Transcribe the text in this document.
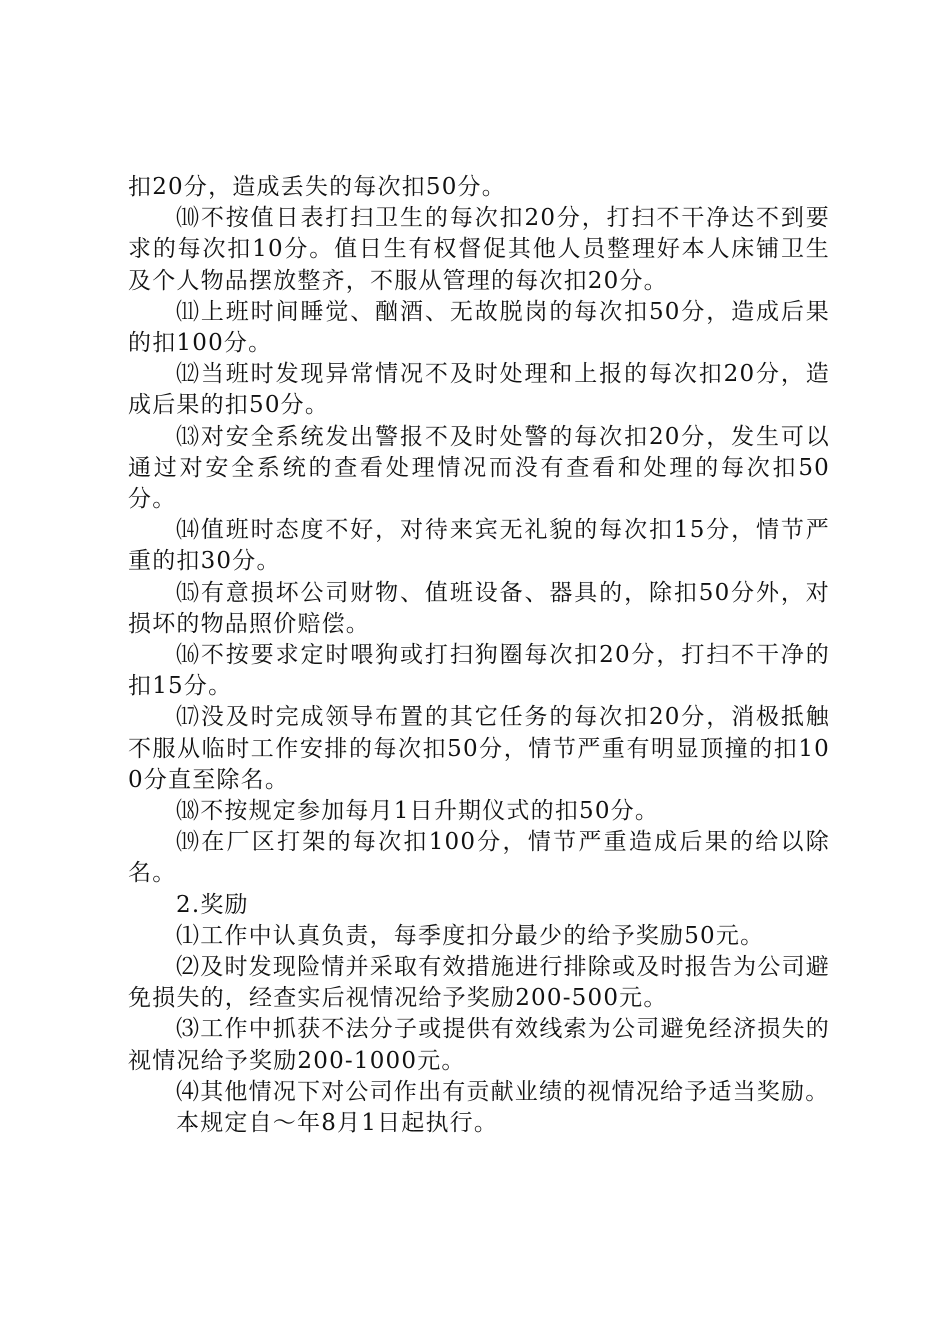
扣20分，造成丢失的每次扣50分。

⑽不按值日表打扫卫生的每次扣20分，打扫不干净达不到要求的每次扣10分。值日生有权督促其他人员整理好本人床铺卫生及个人物品摆放整齐，不服从管理的每次扣20分。

⑾上班时间睡觉、酗酒、无故脱岗的每次扣50分，造成后果的扣100分。

⑿当班时发现异常情况不及时处理和上报的每次扣20分，造成后果的扣50分。

⒀对安全系统发出警报不及时处警的每次扣20分，发生可以通过对安全系统的查看处理情况而没有查看和处理的每次扣50分。

⒁值班时态度不好，对待来宾无礼貌的每次扣15分，情节严重的扣30分。

⒂有意损坏公司财物、值班设备、器具的，除扣50分外，对损坏的物品照价赔偿。

⒃不按要求定时喂狗或打扫狗圈每次扣20分，打扫不干净的扣15分。

⒄没及时完成领导布置的其它任务的每次扣20分，消极抵触不服从临时工作安排的每次扣50分，情节严重有明显顶撞的扣100分直至除名。

⒅不按规定参加每月1日升期仪式的扣50分。

⒆在厂区打架的每次扣100分，情节严重造成后果的给以除名。

2.奖励

⑴工作中认真负责，每季度扣分最少的给予奖励50元。

⑵及时发现险情并采取有效措施进行排除或及时报告为公司避免损失的，经查实后视情况给予奖励200-500元。

⑶工作中抓获不法分子或提供有效线索为公司避免经济损失的视情况给予奖励200-1000元。

⑷其他情况下对公司作出有贡献业绩的视情况给予适当奖励。

本规定自～年8月1日起执行。
